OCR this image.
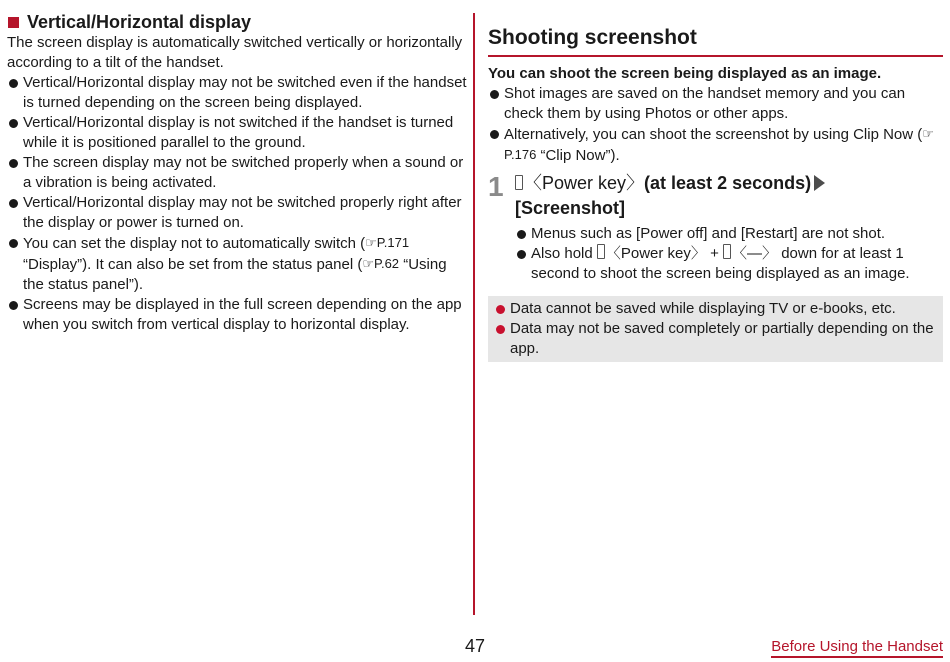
Vertical/Horizontal display

The screen display is automatically switched vertically or horizontally according to a tilt of the handset.

Vertical/Horizontal display may not be switched even if the handset is turned depending on the screen being displayed.
Vertical/Horizontal display is not switched if the handset is turned while it is positioned parallel to the ground.
The screen display may not be switched properly when a sound or a vibration is being activated.
Vertical/Horizontal display may not be switched properly right after the display or power is turned on.
You can set the display not to automatically switch (☞P.171 “Display”). It can also be set from the status panel (☞P.62 “Using the status panel”).
Screens may be displayed in the full screen depending on the app when you switch from vertical display to horizontal display.
Shooting screenshot

You can shoot the screen being displayed as an image.

Shot images are saved on the handset memory and you can check them by using Photos or other apps.
Alternatively, you can shoot the screenshot by using Clip Now (☞P.176 “Clip Now”).
1	〈Power key〉(at least 2 seconds)
[Screenshot]
Menus such as [Power off] and [Restart] are not shot.
Also hold 〈Power key〉 + 〈—〉 down for at least 1 second to shoot the screen being displayed as an image.
Data cannot be saved while displaying TV or e-books, etc.
Data may not be saved completely or partially depending on the app.
47	Before Using the Handset
